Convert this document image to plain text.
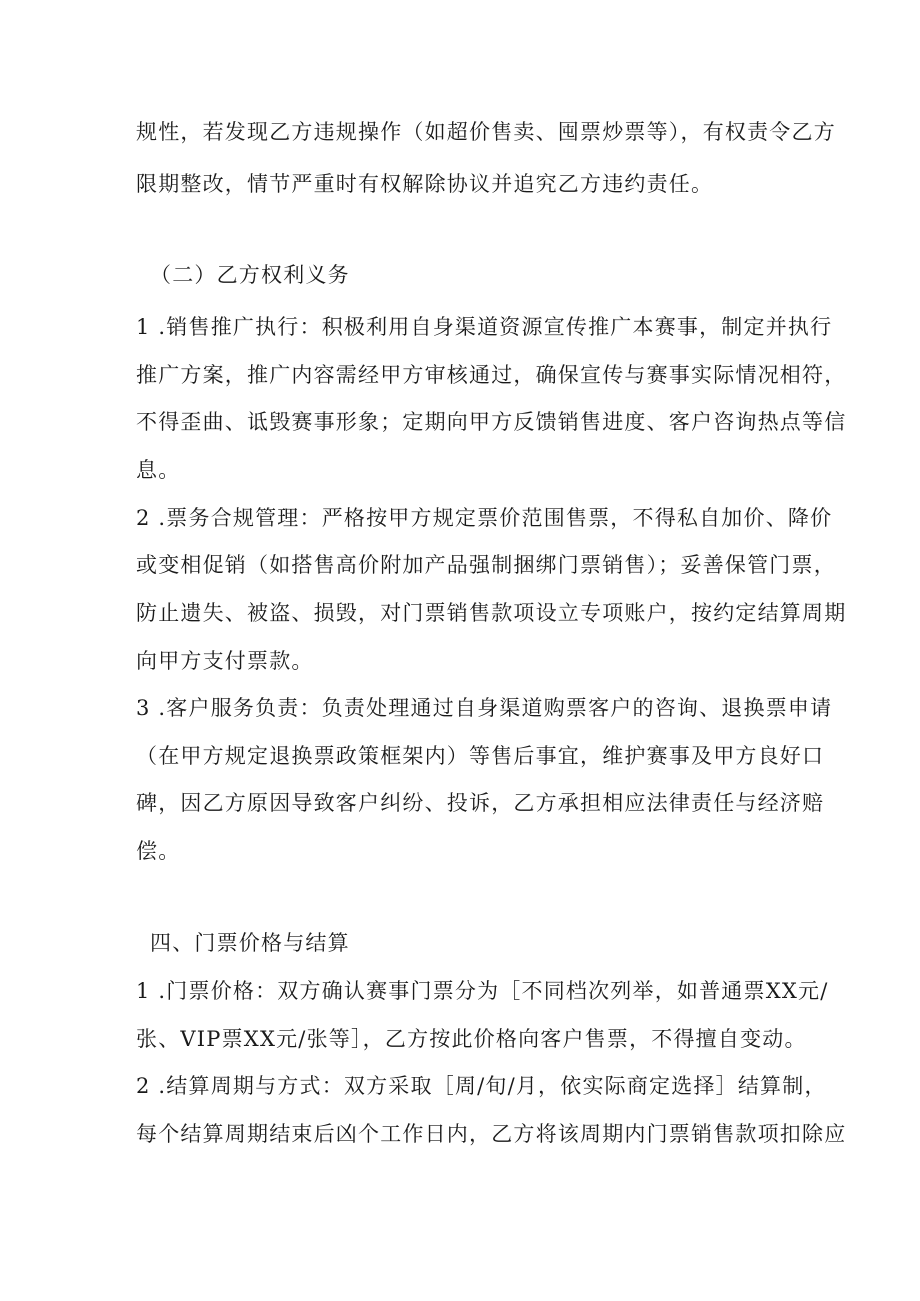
规性，若发现乙方违规操作（如超价售卖、囤票炒票等），有权责令乙方
限期整改，情节严重时有权解除协议并追究乙方违约责任。
（二）乙方权利义务
1 .销售推广执行：积极利用自身渠道资源宣传推广本赛事，制定并执行
推广方案，推广内容需经甲方审核通过，确保宣传与赛事实际情况相符，
不得歪曲、诋毁赛事形象；定期向甲方反馈销售进度、客户咨询热点等信
息。
2 .票务合规管理：严格按甲方规定票价范围售票，不得私自加价、降价
或变相促销（如搭售高价附加产品强制捆绑门票销售）；妥善保管门票，
防止遗失、被盗、损毁，对门票销售款项设立专项账户，按约定结算周期
向甲方支付票款。
3 .客户服务负责：负责处理通过自身渠道购票客户的咨询、退换票申请
（在甲方规定退换票政策框架内）等售后事宜，维护赛事及甲方良好口
碑，因乙方原因导致客户纠纷、投诉，乙方承担相应法律责任与经济赔
偿。
四、门票价格与结算
1 .门票价格：双方确认赛事门票分为［不同档次列举，如普通票XX元/
张、VIP票XX元/张等］，乙方按此价格向客户售票，不得擅自变动。
2 .结算周期与方式：双方采取［周/旬/月，依实际商定选择］结算制，
每个结算周期结束后凶个工作日内，乙方将该周期内门票销售款项扣除应
